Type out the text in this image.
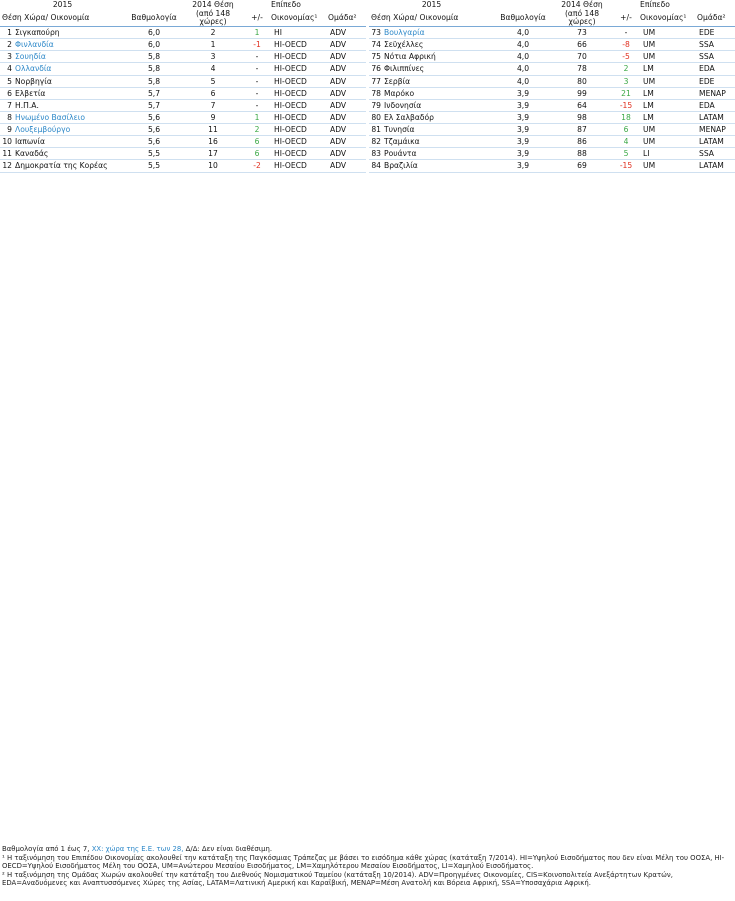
2015			2014 Θέση		Επίπεδο	
Θέση Χώρα/ Οικονομία		Βαθμολογία	(από 148 χώρες)	+/-	Οικονομίας¹	Ομάδα²
1	Σιγκαπούρη	6,0	2	1	HI	ADV
2	Φινλανδία	6,0	1	-1	HI-OECD	ADV
3	Σουηδία	5,8	3	-	HI-OECD	ADV
4	Ολλανδία	5,8	4	-	HI-OECD	ADV
5	Νορβηγία	5,8	5	-	HI-OECD	ADV
6	Ελβετία	5,7	6	-	HI-OECD	ADV
7	Η.Π.Α.	5,7	7	-	HI-OECD	ADV
8	Ηνωμένο Βασίλειο	5,6	9	1	HI-OECD	ADV
9	Λουξεμβούργο	5,6	11	2	HI-OECD	ADV
10	Ιαπωνία	5,6	16	6	HI-OECD	ADV
11	Καναδάς	5,5	17	6	HI-OECD	ADV
12	Δημοκρατία της Κορέας	5,5	10	-2	HI-OECD	ADV
2015			2014 Θέση		Επίπεδο	
Θέση Χώρα/ Οικονομία		Βαθμολογία	(από 148 χώρες)	+/-	Οικονομίας¹	Ομάδα²
73	Βουλγαρία	4,0	73	-	UM	EDE
74	Σεϋχέλλες	4,0	66	-8	UM	SSA
75	Νότια Αφρική	4,0	70	-5	UM	SSA
76	Φιλιππίνες	4,0	78	2	LM	EDA
77	Σερβία	4,0	80	3	UM	EDE
78	Μαρόκο	3,9	99	21	LM	MENAP
79	Ινδονησία	3,9	64	-15	LM	EDA
80	Ελ Σαλβαδόρ	3,9	98	18	LM	LATAM
81	Τυνησία	3,9	87	6	UM	MENAP
82	Τζαμάικα	3,9	86	4	UM	LATAM
83	Ρουάντα	3,9	88	5	LI	SSA
84	Βραζιλία	3,9	69	-15	UM	LATAM

Βαθμολογία από 1 έως 7, XX: χώρα της Ε.Ε. των 28, Δ/Δ: Δεν είναι διαθέσιμη.

¹ Η ταξινόμηση του Επιπέδου Οικονομίας ακολουθεί την κατάταξη της Παγκόσμιας Τράπεζας με βάσει το εισόδημα κάθε χώρας (κατάταξη 7/2014). HI=Υψηλού Εισοδήματος που δεν είναι Μέλη του ΟΟΣΑ, HI-OECD=Υψηλού Εισοδήματος Μέλη του ΟΟΣΑ, UM=Ανώτερου Μεσαίου Εισοδήματος, LM=Χαμηλότερου Μεσαίου Εισοδήματος, LI=Χαμηλού Εισοδήματος.

² Η ταξινόμηση της Ομάδας Χωρών ακολουθεί την κατάταξη του Διεθνούς Νομισματικού Ταμείου (κατάταξη 10/2014). ADV=Προηγμένες Οικονομίες, CIS=Κοινοπολιτεία Ανεξάρτητων Κρατών, EDA=Αναδυόμενες και Αναπτυσσόμενες Χώρες της Ασίας, LATAM=Λατινική Αμερική και Καραϊβική, MENAP=Μέση Ανατολή και Βόρεια Αφρική, SSA=Υποσαχάρια Αφρική.
